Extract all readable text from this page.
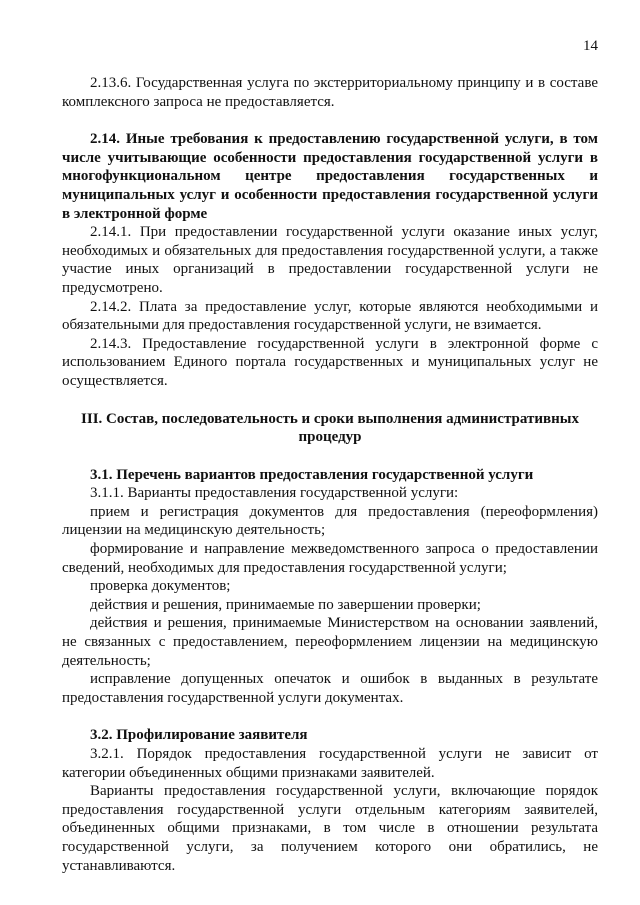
14

2.13.6. Государственная услуга по экстерриториальному принципу и в составе комплексного запроса не предоставляется.

2.14. Иные требования к предоставлению государственной услуги, в том числе учитывающие особенности предоставления государственной услуги в многофункциональном центре предоставления государственных и муниципальных услуг и особенности предоставления государственной услуги в электронной форме

2.14.1. При предоставлении государственной услуги оказание иных услуг, необходимых и обязательных для предоставления государственной услуги, а также участие иных организаций в предоставлении государственной услуги не предусмотрено.

2.14.2. Плата за предоставление услуг, которые являются необходимыми и обязательными для предоставления государственной услуги, не взимается.

2.14.3. Предоставление государственной услуги в электронной форме с использованием Единого портала государственных и муниципальных услуг не осуществляется.

III. Состав, последовательность и сроки выполнения административных процедур

3.1. Перечень вариантов предоставления государственной услуги

3.1.1. Варианты предоставления государственной услуги:

прием и регистрация документов для предоставления (переоформления) лицензии на медицинскую деятельность;

формирование и направление межведомственного запроса о предоставлении сведений, необходимых для предоставления государственной услуги;

проверка документов;

действия и решения, принимаемые по завершении проверки;

действия и решения, принимаемые Министерством на основании заявлений, не связанных с предоставлением, переоформлением лицензии на медицинскую деятельность;

исправление допущенных опечаток и ошибок в выданных в результате предоставления государственной услуги документах.

3.2. Профилирование заявителя

3.2.1. Порядок предоставления государственной услуги не зависит от категории объединенных общими признаками заявителей.

Варианты предоставления государственной услуги, включающие порядок предоставления государственной услуги отдельным категориям заявителей, объединенных общими признаками, в том числе в отношении результата государственной услуги, за получением которого они обратились, не устанавливаются.
